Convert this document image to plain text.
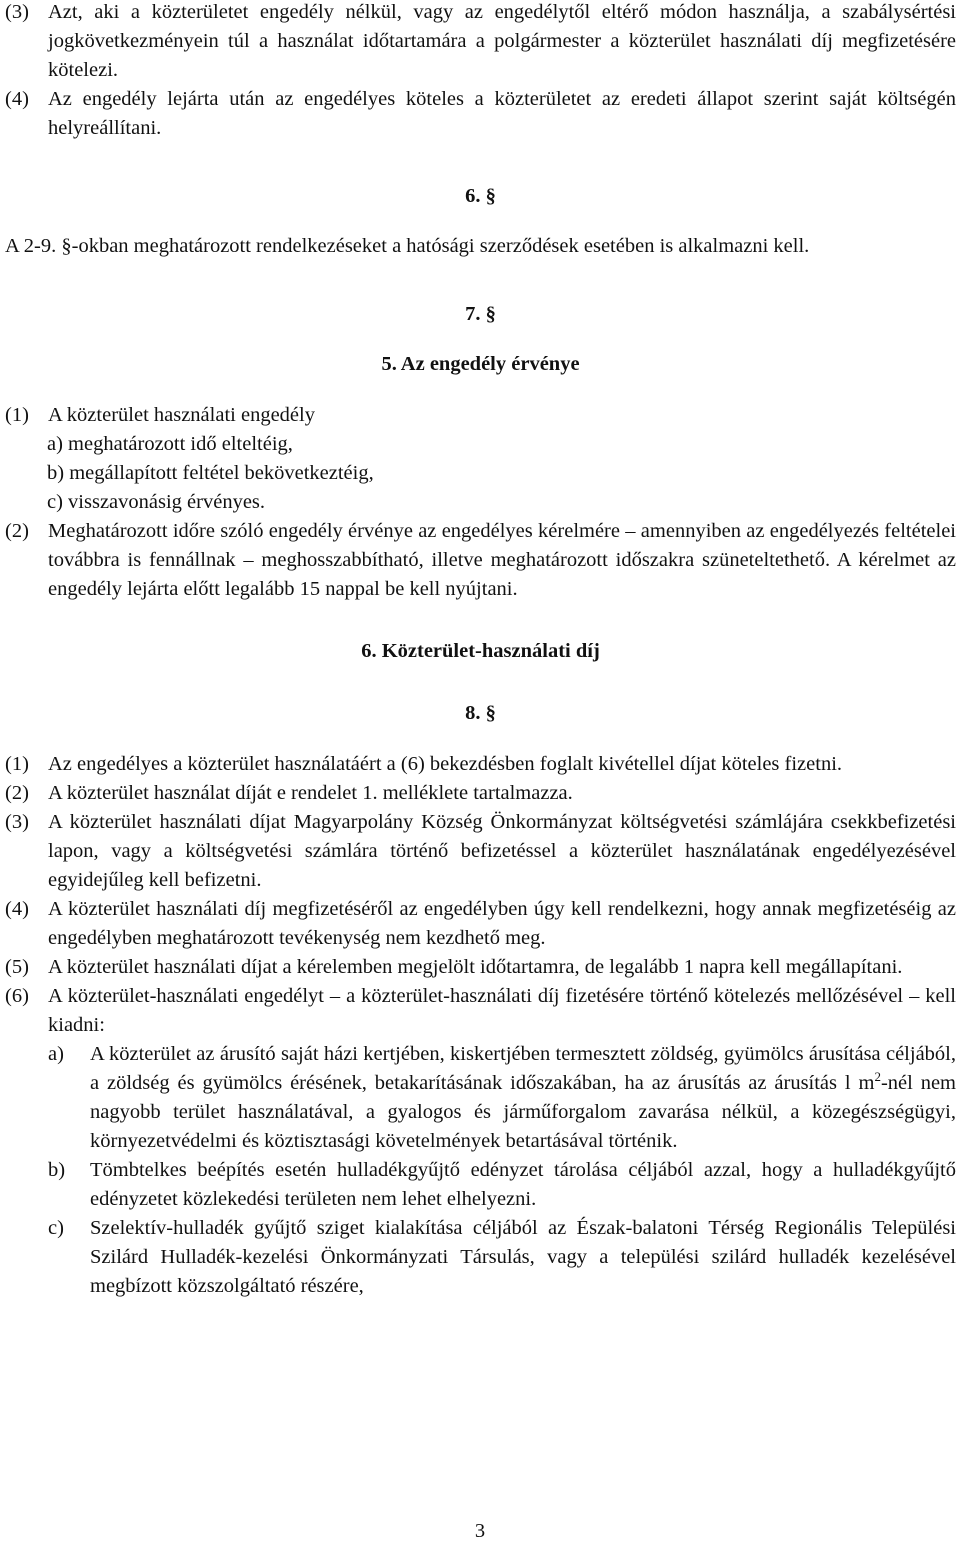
(3) Azt, aki a közterületet engedély nélkül, vagy az engedélytől eltérő módon használja, a szabálysértési jogkövetkezményein túl a használat időtartamára a polgármester a közterület használati díj megfizetésére kötelezi.
(4) Az engedély lejárta után az engedélyes köteles a közterületet az eredeti állapot szerint saját költségén helyreállítani.
6. §
A 2-9. §-okban meghatározott rendelkezéseket a hatósági szerződések esetében is alkalmazni kell.
7. §
5. Az engedély érvénye
(1) A közterület használati engedély
a) meghatározott idő elteltéig,
b) megállapított feltétel bekövetkeztéig,
c) visszavonásig érvényes.
(2) Meghatározott időre szóló engedély érvénye az engedélyes kérelmére – amennyiben az engedélyezés feltételei továbbra is fennállnak – meghosszabbítható, illetve meghatározott időszakra szüneteltethető. A kérelmet az engedély lejárta előtt legalább 15 nappal be kell nyújtani.
6. Közterület-használati díj
8. §
(1) Az engedélyes a közterület használatáért a (6) bekezdésben foglalt kivétellel díjat köteles fizetni.
(2) A közterület használat díját e rendelet 1. melléklete tartalmazza.
(3) A közterület használati díjat Magyarpolány Község Önkormányzat költségvetési számlájára csekkbefizetési lapon, vagy a költségvetési számlára történő befizetéssel a közterület használatának engedélyezésével egyidejűleg kell befizetni.
(4) A közterület használati díj megfizetéséről az engedélyben úgy kell rendelkezni, hogy annak megfizetéséig az engedélyben meghatározott tevékenység nem kezdhető meg.
(5) A közterület használati díjat a kérelemben megjelölt időtartamra, de legalább 1 napra kell megállapítani.
(6) A közterület-használati engedélyt – a közterület-használati díj fizetésére történő kötelezés mellőzésével – kell kiadni:
a)	A közterület az árusító saját házi kertjében, kiskertjében termesztett zöldség, gyümölcs árusítása céljából, a zöldség és gyümölcs érésének, betakarításának időszakában, ha az árusítás az árusítás l $m^2$-nél nem nagyobb terület használatával, a gyalogos és járműforgalom zavarása nélkül, a közegészségügyi, környezetvédelmi és köztisztasági követelmények betartásával történik.
b)	Tömbtelkes beépítés esetén hulladékgyűjtő edényzet tárolása céljából azzal, hogy a hulladékgyűjtő edényzetet közlekedési területen nem lehet elhelyezni.
c)	Szelektív-hulladék gyűjtő sziget kialakítása céljából az Észak-balatoni Térség Regionális Települési Szilárd Hulladék-kezelési Önkormányzati Társulás, vagy a települési szilárd hulladék kezelésével megbízott közszolgáltató részére,
3
